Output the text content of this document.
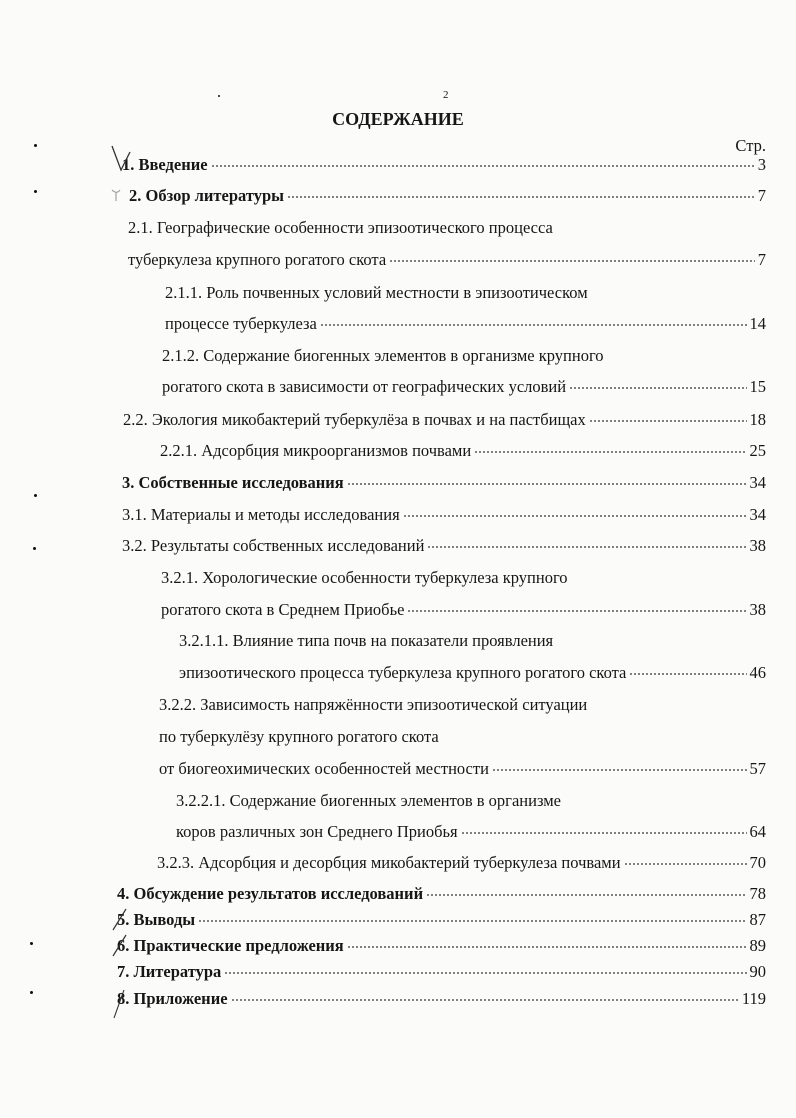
2
СОДЕРЖАНИЕ
Стр.
1. Введение	3
2. Обзор литературы	7
2.1. Географические особенности эпизоотического процесса
туберкулеза крупного рогатого скота	7
2.1.1. Роль почвенных условий местности в эпизоотическом
процессе туберкулеза	14
2.1.2. Содержание биогенных элементов в организме крупного
рогатого скота в зависимости от географических условий	15
2.2. Экология микобактерий туберкулёза в почвах и на пастбищах	18
2.2.1. Адсорбция микроорганизмов почвами	25
3. Собственные исследования	34
3.1. Материалы и методы исследования	34
3.2. Результаты собственных исследований	38
3.2.1. Хорологические особенности туберкулеза крупного
рогатого скота в Среднем Приобье	38
3.2.1.1. Влияние типа почв на показатели проявления
эпизоотического процесса туберкулеза крупного рогатого скота	46
3.2.2. Зависимость напряжённости эпизоотической ситуации
по туберкулёзу крупного рогатого скота
от биогеохимических особенностей местности	57
3.2.2.1. Содержание биогенных элементов в организме
коров различных зон Среднего Приобья	64
3.2.3. Адсорбция и десорбция микобактерий туберкулеза почвами	70
4. Обсуждение результатов исследований	78
5. Выводы	87
6. Практические предложения	89
7. Литература	90
8. Приложение	119
